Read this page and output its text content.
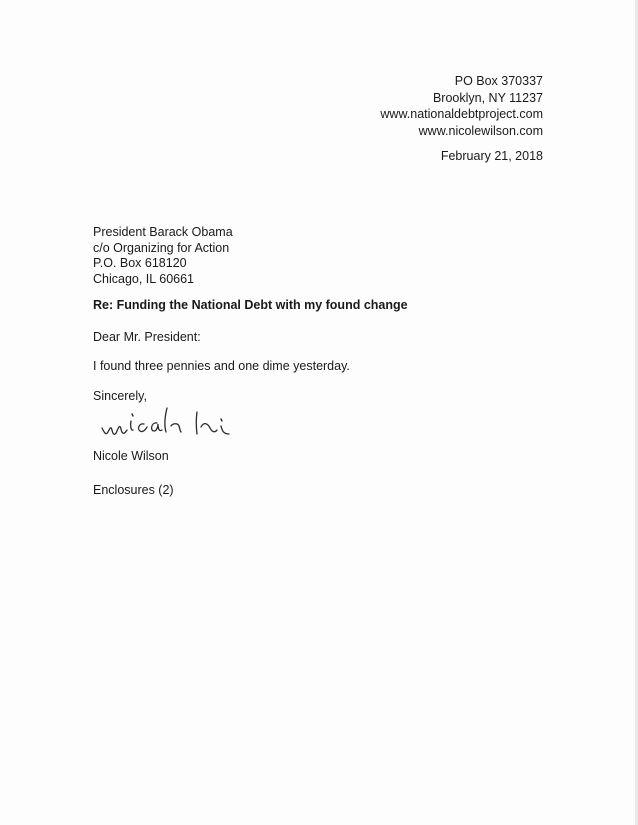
PO Box 370337
Brooklyn, NY 11237
www.nationaldebtproject.com
www.nicolewilson.com
February 21, 2018
President Barack Obama
c/o Organizing for Action
P.O. Box 618120
Chicago, IL 60661
Re: Funding the National Debt with my found change
Dear Mr. President:
I found three pennies and one dime yesterday.
Sincerely,
Nicole Wilson
Enclosures (2)
